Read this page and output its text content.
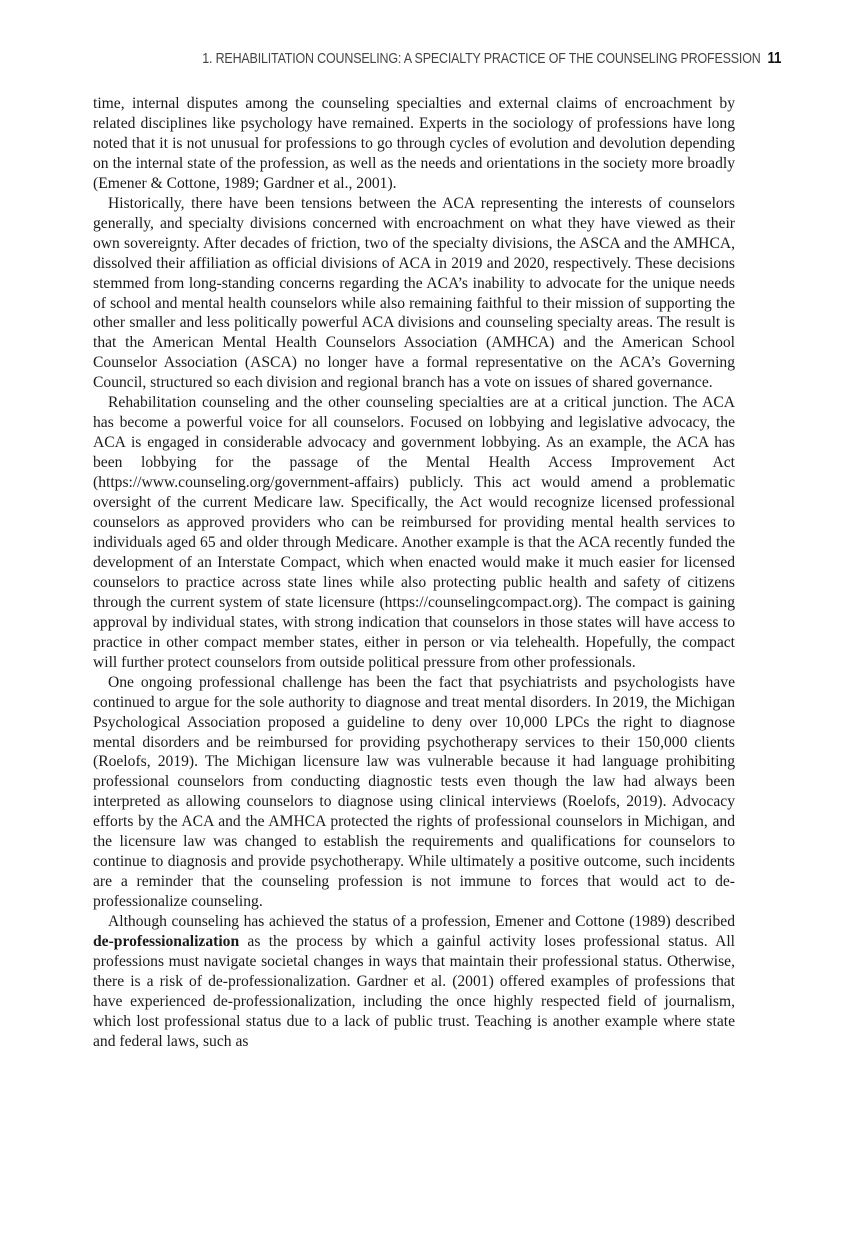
1. REHABILITATION COUNSELING: A SPECIALTY PRACTICE OF THE COUNSELING PROFESSION 11

time, internal disputes among the counseling specialties and external claims of encroachment by related disciplines like psychology have remained. Experts in the sociology of professions have long noted that it is not unusual for professions to go through cycles of evolution and devolution depending on the internal state of the profession, as well as the needs and orientations in the society more broadly (Emener & Cottone, 1989; Gardner et al., 2001).

Historically, there have been tensions between the ACA representing the interests of counselors generally, and specialty divisions concerned with encroachment on what they have viewed as their own sovereignty. After decades of friction, two of the specialty divisions, the ASCA and the AMHCA, dissolved their affiliation as official divisions of ACA in 2019 and 2020, respectively. These decisions stemmed from long-standing concerns regarding the ACA’s inability to advocate for the unique needs of school and mental health counselors while also remaining faithful to their mission of supporting the other smaller and less politically powerful ACA divisions and counseling specialty areas. The result is that the American Mental Health Counselors Association (AMHCA) and the American School Counselor Association (ASCA) no longer have a formal representative on the ACA’s Governing Council, structured so each division and regional branch has a vote on issues of shared governance.

Rehabilitation counseling and the other counseling specialties are at a critical junction. The ACA has become a powerful voice for all counselors. Focused on lobbying and legislative advocacy, the ACA is engaged in considerable advocacy and government lobbying. As an example, the ACA has been lobbying for the passage of the Mental Health Access Improvement Act (https://www.counseling.org/government-affairs) publicly. This act would amend a problematic oversight of the current Medicare law. Specifically, the Act would recognize licensed professional counselors as approved providers who can be reimbursed for providing mental health services to individuals aged 65 and older through Medicare. Another example is that the ACA recently funded the development of an Interstate Compact, which when enacted would make it much easier for licensed counselors to practice across state lines while also protecting public health and safety of citizens through the current system of state licensure (https://counselingcompact.org). The compact is gaining approval by individual states, with strong indication that counselors in those states will have access to practice in other compact member states, either in person or via telehealth. Hopefully, the compact will further protect counselors from outside political pressure from other professionals.

One ongoing professional challenge has been the fact that psychiatrists and psychologists have continued to argue for the sole authority to diagnose and treat mental disorders. In 2019, the Michigan Psychological Association proposed a guideline to deny over 10,000 LPCs the right to diagnose mental disorders and be reimbursed for providing psychotherapy services to their 150,000 clients (Roelofs, 2019). The Michigan licensure law was vulnerable because it had language prohibiting professional counselors from conducting diagnostic tests even though the law had always been interpreted as allowing counselors to diagnose using clinical interviews (Roelofs, 2019). Advocacy efforts by the ACA and the AMHCA protected the rights of professional counselors in Michigan, and the licensure law was changed to establish the requirements and qualifications for counselors to continue to diagnosis and provide psychotherapy. While ultimately a positive outcome, such incidents are a reminder that the counseling profession is not immune to forces that would act to de-professionalize counseling.

Although counseling has achieved the status of a profession, Emener and Cottone (1989) described de-professionalization as the process by which a gainful activity loses professional status. All professions must navigate societal changes in ways that maintain their professional status. Otherwise, there is a risk of de-professionalization. Gardner et al. (2001) offered examples of professions that have experienced de-professionalization, including the once highly respected field of journalism, which lost professional status due to a lack of public trust. Teaching is another example where state and federal laws, such as
